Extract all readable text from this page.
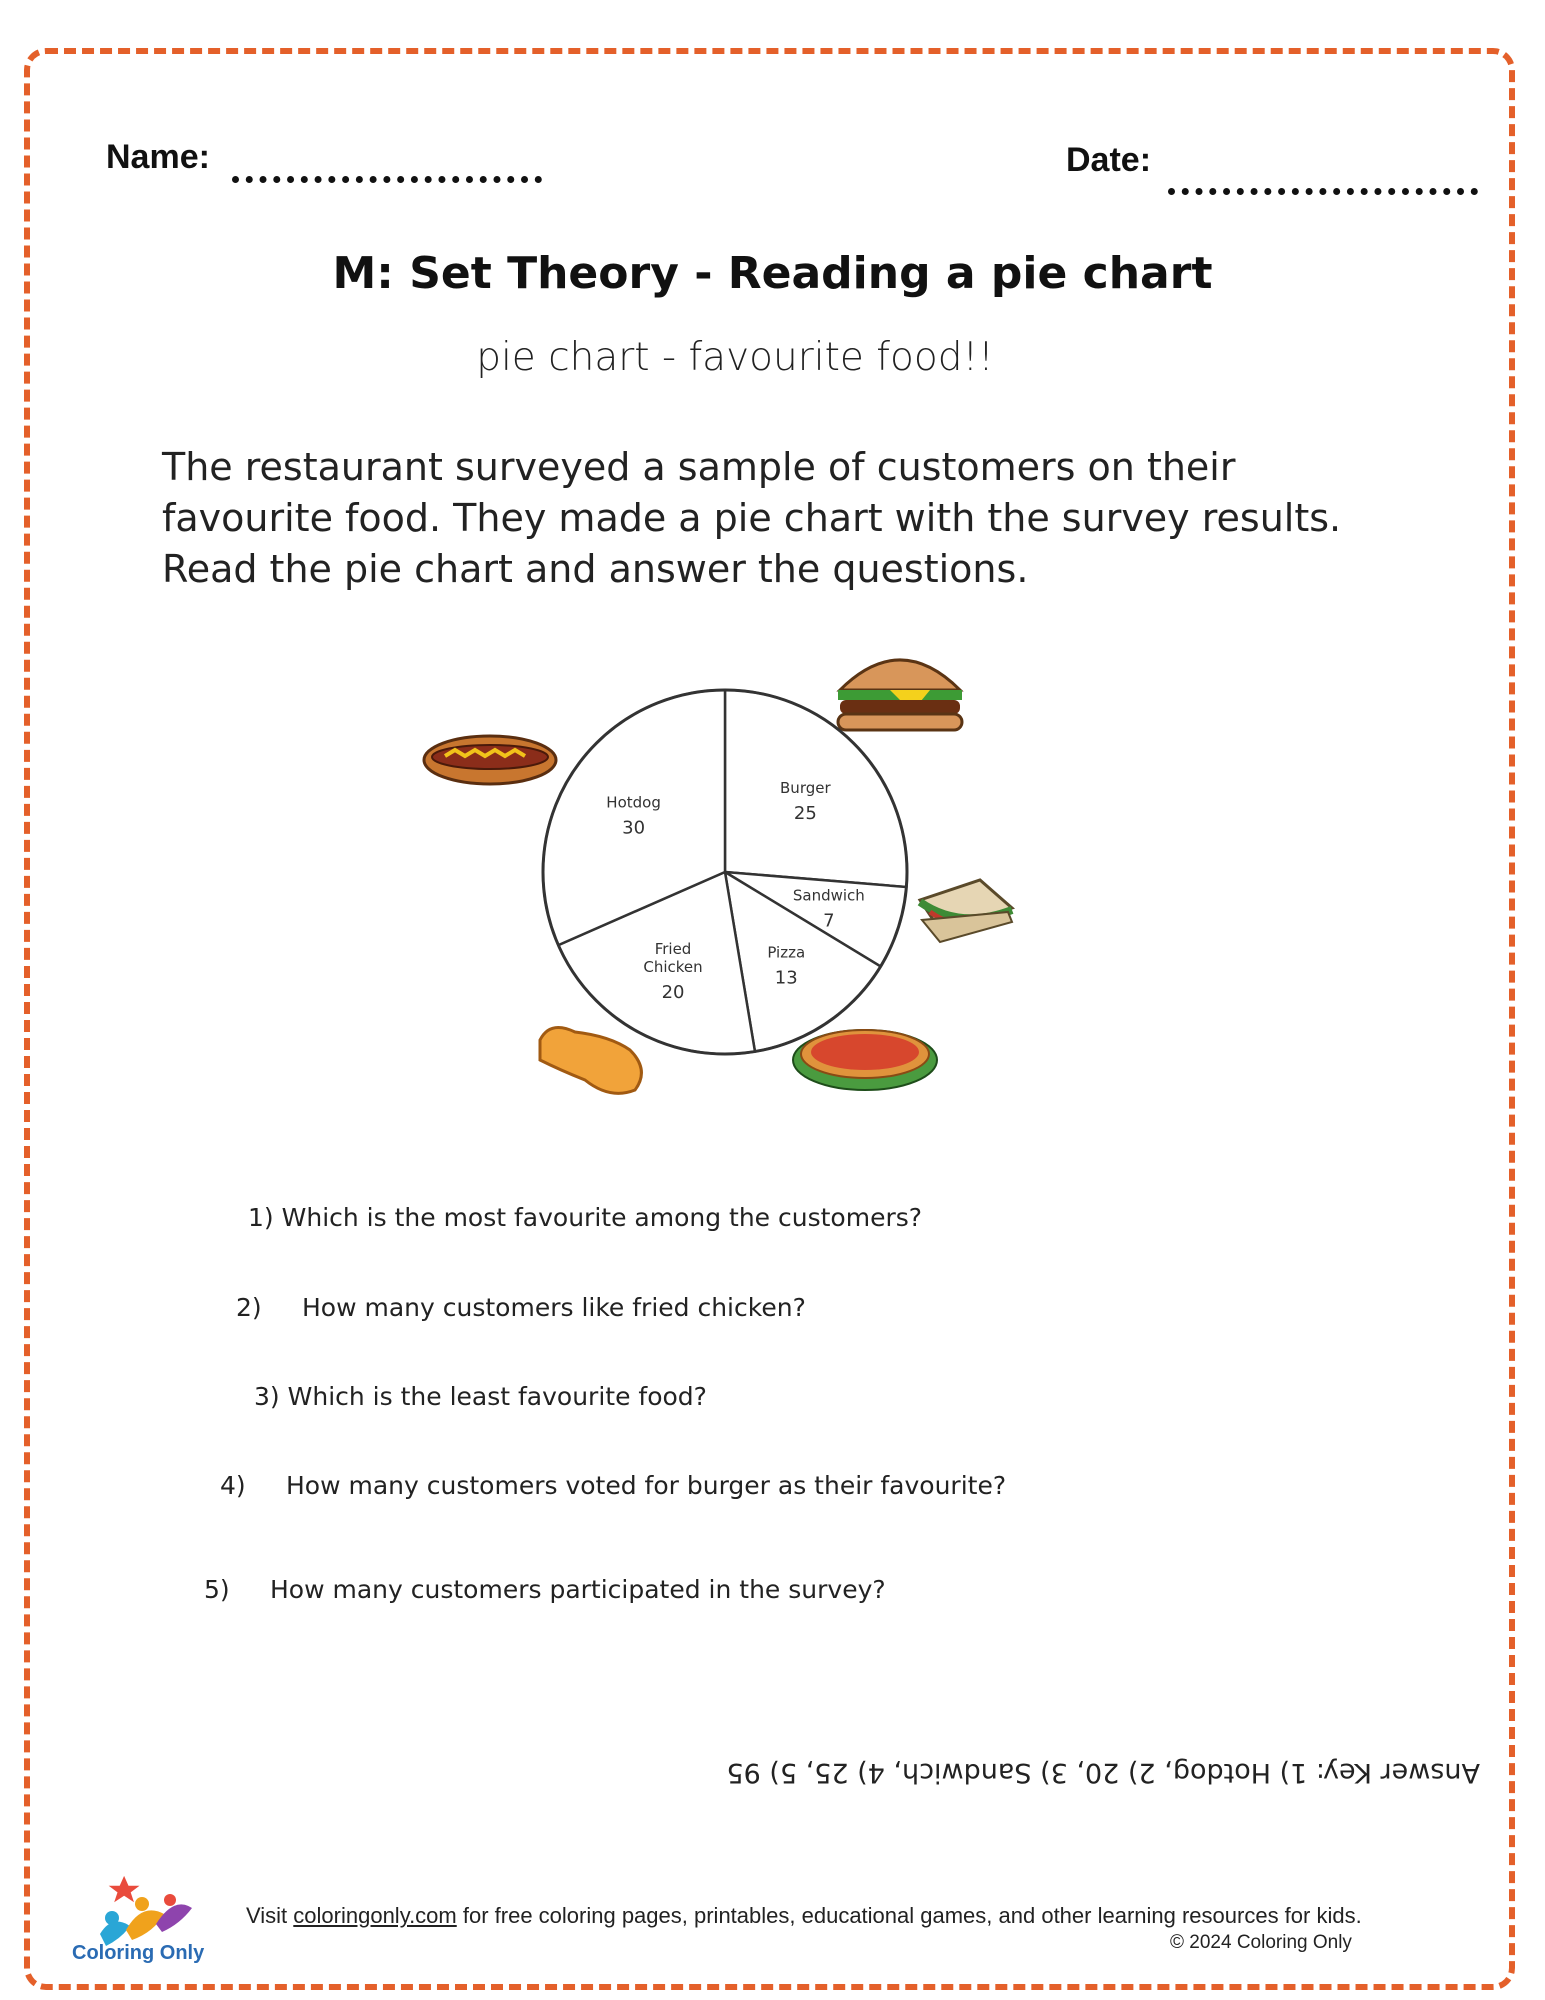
Name:	Date:
M: Set Theory - Reading a pie chart
pie chart - favourite food!!
The restaurant surveyed a sample of customers on their
favourite food. They made a pie chart with the survey results.
Read the pie chart and answer the questions.
Burger
25
Sandwich
7
Pizza
13
Fried
Chicken
20
Hotdog
30
1) Which is the most favourite among the customers?
2) How many customers like fried chicken?
3) Which is the least favourite food?
4) How many customers voted for burger as their favourite?
5) How many customers participated in the survey?
Answer Key: 1) Hotdog, 2) 20, 3) Sandwich, 4) 25, 5) 95
Coloring Only
Visit coloringonly.com for free coloring pages, printables, educational games, and other learning resources for kids.
© 2024 Coloring Only
